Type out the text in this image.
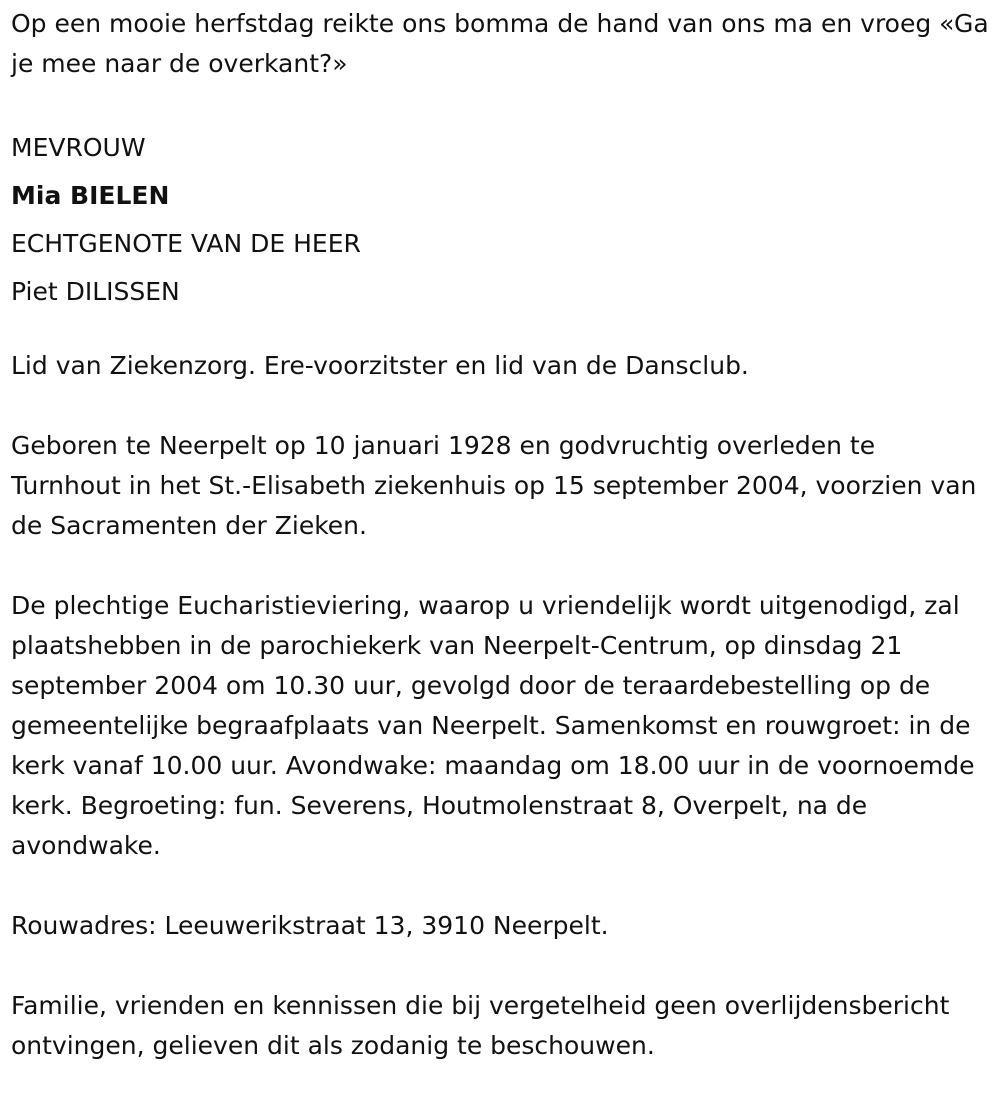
Op een mooie herfstdag reikte ons bomma de hand van ons ma en vroeg «Ga je mee naar de overkant?»

MEVROUW
Mia BIELEN
ECHTGENOTE VAN DE HEER
Piet DILISSEN

Lid van Ziekenzorg. Ere-voorzitster en lid van de Dansclub.

Geboren te Neerpelt op 10 januari 1928 en godvruchtig overleden te Turnhout in het St.-Elisabeth ziekenhuis op 15 september 2004, voorzien van de Sacramenten der Zieken.

De plechtige Eucharistieviering, waarop u vriendelijk wordt uitgenodigd, zal plaatshebben in de parochiekerk van Neerpelt-Centrum, op dinsdag 21 september 2004 om 10.30 uur, gevolgd door de teraardebestelling op de gemeentelijke begraafplaats van Neerpelt. Samenkomst en rouwgroet: in de kerk vanaf 10.00 uur. Avondwake: maandag om 18.00 uur in de voornoemde kerk. Begroeting: fun. Severens, Houtmolenstraat 8, Overpelt, na de avondwake.

Rouwadres: Leeuwerikstraat 13, 3910 Neerpelt.

Familie, vrienden en kennissen die bij vergetelheid geen overlijdensbericht ontvingen, gelieven dit als zodanig te beschouwen.
